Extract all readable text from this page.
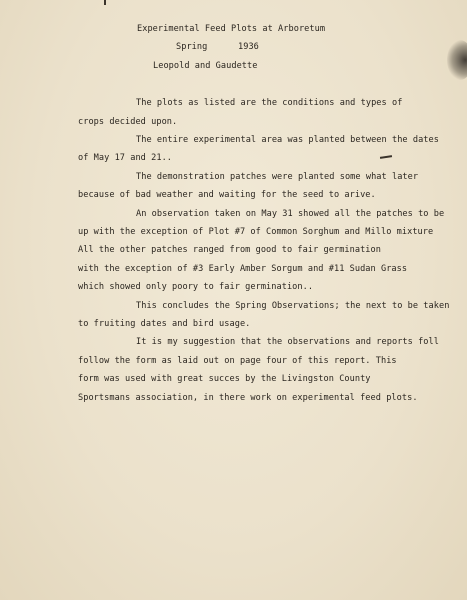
Experimental Feed Plots at Arboretum
Spring	1936
Leopold and Gaudette
The plots as listed are the conditions and types of
crops decided upon.
The entire experimental area was planted between the dates
of May 17 and 21..
The demonstration patches were planted some what later
because of bad weather and waiting for the seed to arive.
An observation taken on May 31 showed all the patches to be
up with the exception of Plot #7 of Common Sorghum and Millo mixture
All the other patches ranged from good to fair germination
with the exception of #3 Early Amber Sorgum and #11 Sudan Grass
which showed only poory to fair germination..
This concludes the Spring Observations; the next to be taken
to fruiting dates and bird usage.
It is my suggestion that the observations and reports foll
follow the form as laid out on page four of this report. This
form was used with great succes by the Livingston County
Sportsmans association, in there work on experimental feed plots.
